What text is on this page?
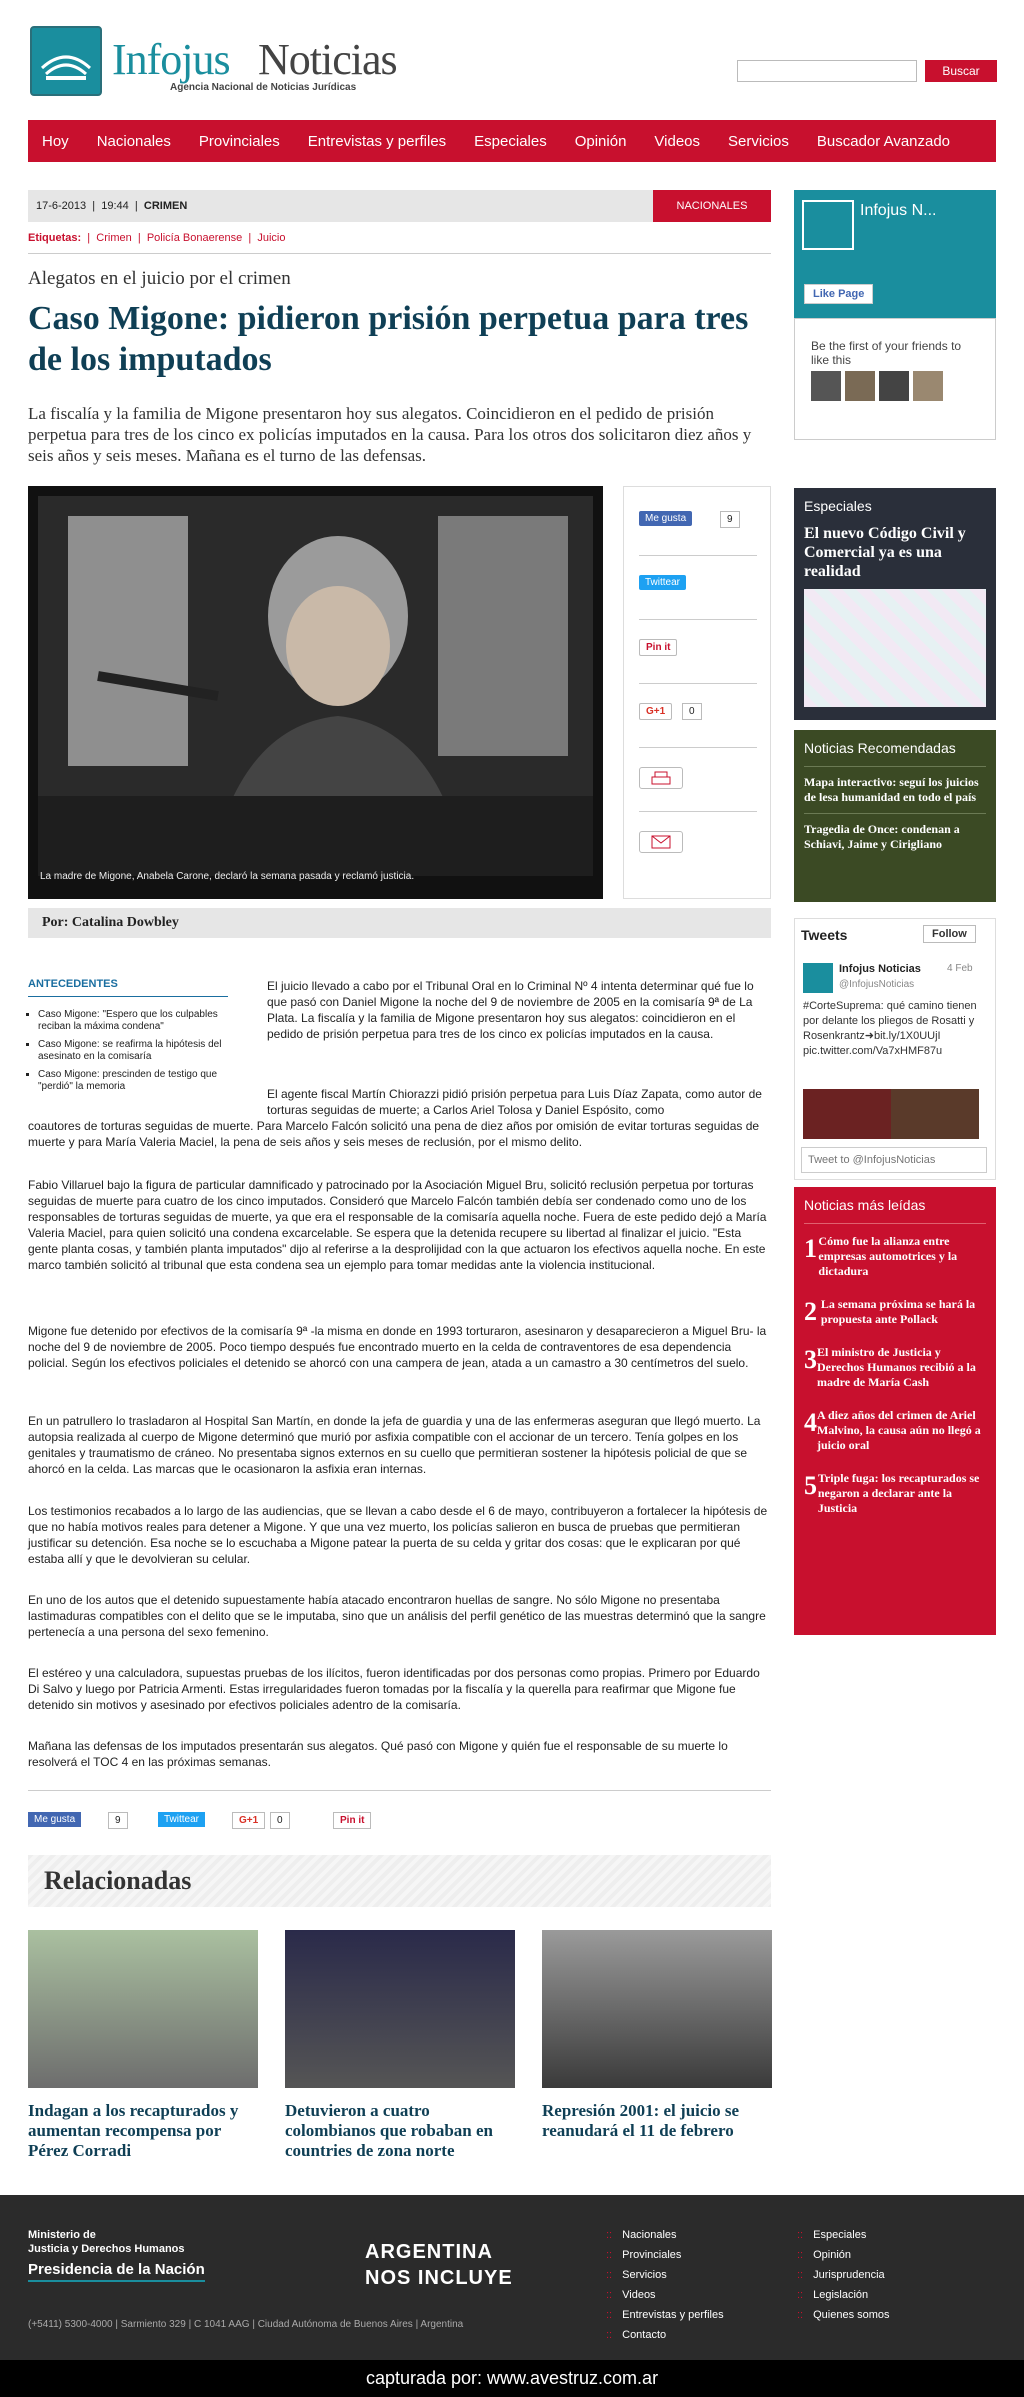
Infojus Noticias
Agencia Nacional de Noticias Jurídicas
Buscar
Hoy	Nacionales	Provinciales	Entrevistas y perfiles	Especiales	Opinión	Videos	Servicios	Buscador Avanzado
17-6-2013  |  19:44  |  CRIMEN	NACIONALES
Etiquetas:  |  Crimen  |  Policía Bonaerense  |  Juicio
Alegatos en el juicio por el crimen
Caso Migone: pidieron prisión perpetua para tres de los imputados

La fiscalía y la familia de Migone presentaron hoy sus alegatos. Coincidieron en el pedido de prisión perpetua para tres de los cinco ex policías imputados en la causa. Para los otros dos solicitaron diez años y seis años y seis meses. Mañana es el turno de las defensas.

La madre de Migone, Anabela Carone, declaró la semana pasada y reclamó justicia.
Me gusta	9
Twittear
Pin it
G+1	0
Por: Catalina Dowbley
ANTECEDENTES
▪ Caso Migone: "Espero que los culpables reciban la máxima condena"
▪ Caso Migone: se reafirma la hipótesis del asesinato en la comisaría
▪ Caso Migone: prescinden de testigo que "perdió" la memoria

El juicio llevado a cabo por el Tribunal Oral en lo Criminal Nº 4 intenta determinar qué fue lo que pasó con Daniel Migone la noche del 9 de noviembre de 2005 en la comisaría 9ª de La Plata. La fiscalía y la familia de Migone presentaron hoy sus alegatos: coincidieron en el pedido de prisión perpetua para tres de los cinco ex policías imputados en la causa.

El agente fiscal Martín Chiorazzi pidió prisión perpetua para Luis Díaz Zapata, como autor de torturas seguidas de muerte; a Carlos Ariel Tolosa y Daniel Espósito, como

coautores de torturas seguidas de muerte. Para Marcelo Falcón solicitó una pena de diez años por omisión de evitar torturas seguidas de muerte y para María Valeria Maciel, la pena de seis años y seis meses de reclusión, por el mismo delito.

Fabio Villaruel bajo la figura de particular damnificado y patrocinado por la Asociación Miguel Bru, solicitó reclusión perpetua por torturas seguidas de muerte para cuatro de los cinco imputados. Consideró que Marcelo Falcón también debía ser condenado como uno de los responsables de torturas seguidas de muerte, ya que era el responsable de la comisaría aquella noche. Fuera de este pedido dejó a María Valeria Maciel, para quien solicitó una condena excarcelable. Se espera que la detenida recupere su libertad al finalizar el juicio. "Esta gente planta cosas, y también planta imputados" dijo al referirse a la desprolijidad con la que actuaron los efectivos aquella noche. En este marco también solicitó al tribunal que esta condena sea un ejemplo para tomar medidas ante la violencia institucional.

Migone fue detenido por efectivos de la comisaría 9ª -la misma en donde en 1993 torturaron, asesinaron y desaparecieron a Miguel Bru- la noche del 9 de noviembre de 2005. Poco tiempo después fue encontrado muerto en la celda de contraventores de esa dependencia policial. Según los efectivos policiales el detenido se ahorcó con una campera de jean, atada a un camastro a 30 centímetros del suelo.

En un patrullero lo trasladaron al Hospital San Martín, en donde la jefa de guardia y una de las enfermeras aseguran que llegó muerto. La autopsia realizada al cuerpo de Migone determinó que murió por asfixia compatible con el accionar de un tercero. Tenía golpes en los genitales y traumatismo de cráneo. No presentaba signos externos en su cuello que permitieran sostener la hipótesis policial de que se ahorcó en la celda. Las marcas que le ocasionaron la asfixia eran internas.

Los testimonios recabados a lo largo de las audiencias, que se llevan a cabo desde el 6 de mayo, contribuyeron a fortalecer la hipótesis de que no había motivos reales para detener a Migone. Y que una vez muerto, los policías salieron en busca de pruebas que permitieran justificar su detención. Esa noche se lo escuchaba a Migone patear la puerta de su celda y gritar dos cosas: que le explicaran por qué estaba allí y que le devolvieran su celular.

En uno de los autos que el detenido supuestamente había atacado encontraron huellas de sangre. No sólo Migone no presentaba lastimaduras compatibles con el delito que se le imputaba, sino que un análisis del perfil genético de las muestras determinó que la sangre pertenecía a una persona del sexo femenino.

El estéreo y una calculadora, supuestas pruebas de los ilícitos, fueron identificadas por dos personas como propias. Primero por Eduardo Di Salvo y luego por Patricia Armenti. Estas irregularidades fueron tomadas por la fiscalía y la querella para reafirmar que Migone fue detenido sin motivos y asesinado por efectivos policiales adentro de la comisaría.

Mañana las defensas de los imputados presentarán sus alegatos. Qué pasó con Migone y quién fue el responsable de su muerte lo resolverá el TOC 4 en las próximas semanas.

Me gusta	9	Twittear	G+1	0	Pin it
Relacionadas
Indagan a los recapturados y aumentan recompensa por Pérez Corradi
Detuvieron a cuatro colombianos que robaban en countries de zona norte
Represión 2001: el juicio se reanudará el 11 de febrero
Infojus N...
Like Page
Be the first of your friends to like this
Especiales
El nuevo Código Civil y Comercial ya es una realidad
Noticias Recomendadas
Mapa interactivo: seguí los juicios de lesa humanidad en todo el país
Tragedia de Once: condenan a Schiavi, Jaime y Cirigliano
Tweets	Follow
Infojus Noticias	4 Feb
@InfojusNoticias
#CorteSuprema: qué camino tienen por delante los pliegos de Rosatti y Rosenkrantz➜bit.ly/1X0UUjI pic.twitter.com/Va7xHMF87u
Tweet to @InfojusNoticias
Noticias más leídas
1 Cómo fue la alianza entre empresas automotrices y la dictadura
2 La semana próxima se hará la propuesta ante Pollack
3 El ministro de Justicia y Derechos Humanos recibió a la madre de María Cash
4 A diez años del crimen de Ariel Malvino, la causa aún no llegó a juicio oral
5 Triple fuga: los recapturados se negaron a declarar ante la Justicia
Ministerio de
Justicia y Derechos Humanos
Presidencia de la Nación
ARGENTINA
NOS INCLUYE
(+5411) 5300-4000 | Sarmiento 329 | C 1041 AAG | Ciudad Autónoma de Buenos Aires | Argentina
:: Nacionales
:: Provinciales
:: Servicios
:: Videos
:: Entrevistas y perfiles
:: Contacto
:: Especiales
:: Opinión
:: Jurisprudencia
:: Legislación
:: Quienes somos
capturada por: www.avestruz.com.ar
